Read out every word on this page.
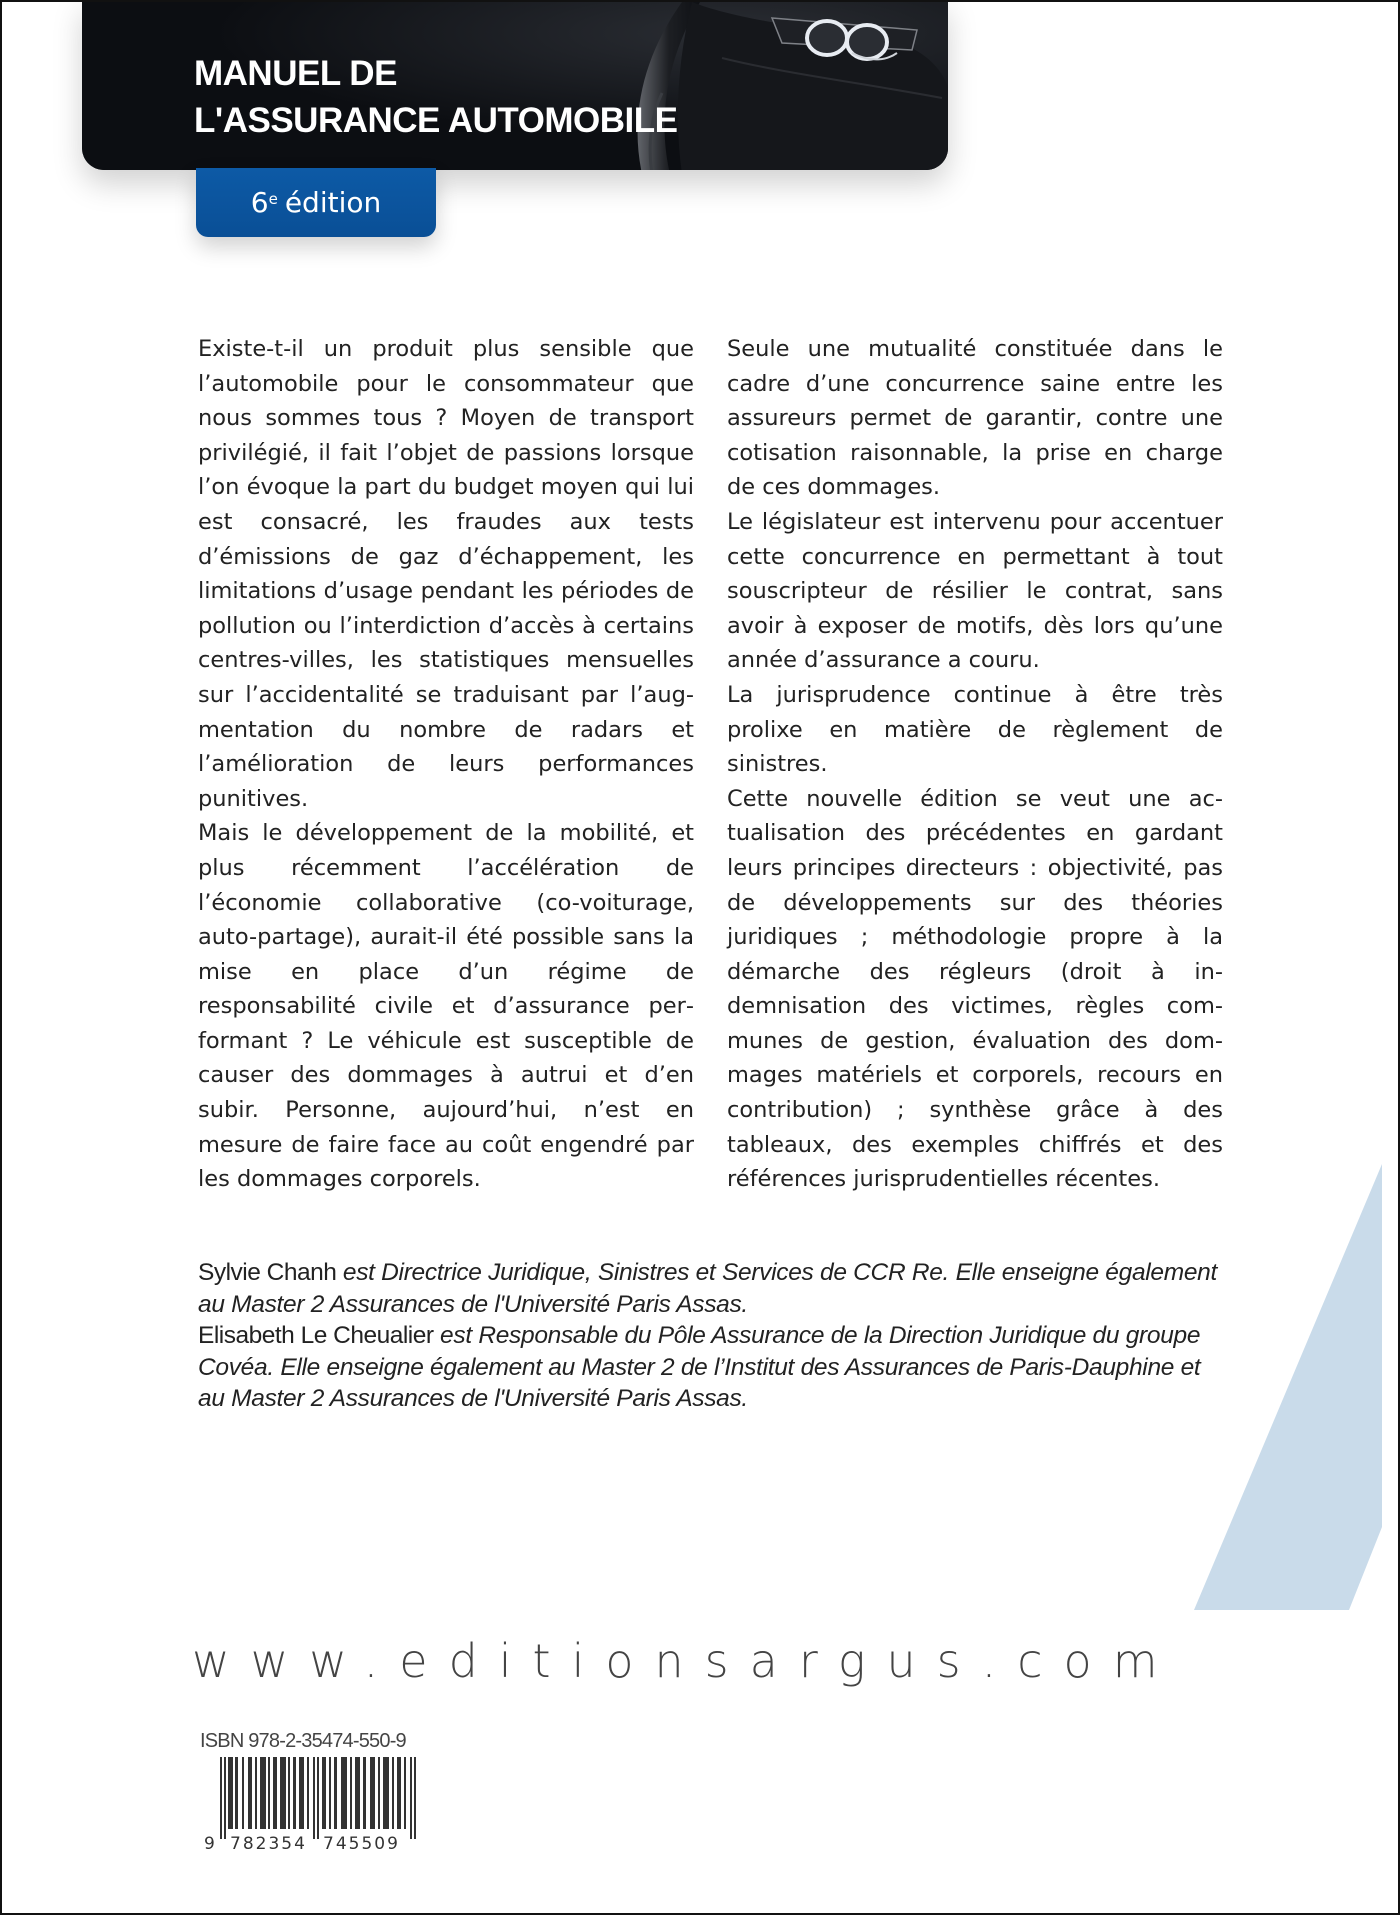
MANUEL DE
L'ASSURANCE AUTOMOBILE
6e édition

Existe-t-il un produit plus sensible que l’automobile pour le consommateur que nous sommes tous ? Moyen de transport privilégié, il fait l’objet de passions lorsque l’on évoque la part du budget moyen qui lui est consacré, les fraudes aux tests d’émissions de gaz d’échappement, les limitations d’usage pendant les périodes de pollution ou l’interdiction d’accès à certains centres-villes, les statistiques mensuelles sur l’accidentalité se traduisant par l’augmentation du nombre de radars et l’amélioration de leurs performances punitives.

Mais le développement de la mobilité, et plus récemment l’accélération de l’économie collaborative (co-voiturage, auto-partage), aurait-il été possible sans la mise en place d’un régime de responsabilité civile et d’assurance performant ? Le véhicule est susceptible de causer des dommages à autrui et d’en subir. Personne, aujourd’hui, n’est en mesure de faire face au coût engendré par les dommages corporels.

Seule une mutualité constituée dans le cadre d’une concurrence saine entre les assureurs permet de garantir, contre une cotisation raisonnable, la prise en charge de ces dommages.

Le législateur est intervenu pour accentuer cette concurrence en permettant à tout souscripteur de résilier le contrat, sans avoir à exposer de motifs, dès lors qu’une année d’assurance a couru.

La jurisprudence continue à être très prolixe en matière de règlement de sinistres.

Cette nouvelle édition se veut une actualisation des précédentes en gardant leurs principes directeurs : objectivité, pas de développements sur des théories juridiques ; méthodologie propre à la démarche des régleurs (droit à indemnisation des victimes, règles communes de gestion, évaluation des dommages matériels et corporels, recours en contribution) ; synthèse grâce à des tableaux, des exemples chiffrés et des références jurisprudentielles récentes.

Sylvie Chanh est Directrice Juridique, Sinistres et Services de CCR Re. Elle enseigne également au Master 2 Assurances de l'Université Paris Assas.

Elisabeth Le Cheualier est Responsable du Pôle Assurance de la Direction Juridique du groupe Covéa. Elle enseigne également au Master 2 de l’Institut des Assurances de Paris-Dauphine et au Master 2 Assurances de l'Université Paris Assas.

www.editionsargus.com
ISBN 978-2-35474-550-9
9 782354 745509
